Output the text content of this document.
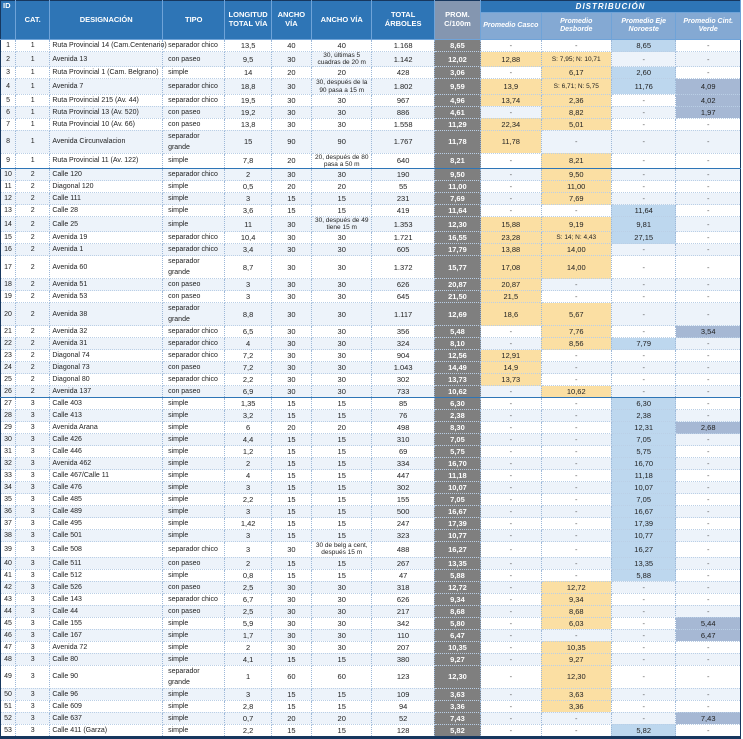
ID	CAT.	DESIGNACIÓN	TIPO	LONGITUD TOTAL VÍA	ANCHO VÍA	ANCHO VÍA	TOTAL ÁRBOLES	PROM. C/100m	DISTRIBUCIÓN			
									Promedio Casco	Promedio Desborde	Promedio Eje Noroeste	Promedio Cint. Verde
1	1	Ruta Provincial 14 (Cam.Centenario)	separador chico	13,5	40	40	1.168	8,65	-	-	8,65	-
2	1	Avenida 13	con paseo	9,5	30	30, últimas 5 cuadras de 20 m	1.142	12,02	12,88	S: 7,95; N: 10,71	-	-
3	1	Ruta Provincial 1 (Cam. Belgrano)	simple	14	20	20	428	3,06	-	6,17	2,60	-
4	1	Avenida 7	separador chico	18,8	30	30, después de la 90 pasa a 15 m	1.802	9,59	13,9	S: 6,71; N: 5,75	11,76	4,09
5	1	Ruta Provincial 215 (Av. 44)	separador chico	19,5	30	30	967	4,96	13,74	2,36	-	4,02
6	1	Ruta Provincial 13 (Av. 520)	con paseo	19,2	30	30	886	4,61	-	8,82	-	1,97
7	1	Ruta Provincial 10 (Av. 66)	con paseo	13,8	30	30	1.558	11,29	22,34	5,01	-	-
8	1	Avenida Circunvalacion	separador grande	15	90	90	1.767	11,78	11,78	-	-	-
9	1	Ruta Provincial 11 (Av. 122)	simple	7,8	20	20, después de 80 pasa a 50 m	640	8,21	-	8,21	-	-
10	2	Calle 120	separador chico	2	30	30	190	9,50	-	9,50	-	-
11	2	Diagonal 120	simple	0,5	20	20	55	11,00	-	11,00	-	-
12	2	Calle 111	simple	3	15	15	231	7,69	-	7,69	-	-
13	2	Calle 28	simple	3,6	15	15	419	11,64	-	-	11,64	-
14	2	Calle 25	simple	11	30	30, después de 49 tiene 15 m	1.353	12,30	15,88	9,19	9,81	-
15	2	Avenida 19	separador chico	10,4	30	30	1.721	16,55	23,28	S: 14; N: 4,43	27,15	-
16	2	Avenida 1	separador chico	3,4	30	30	605	17,79	13,88	14,00	-	-
17	2	Avenida 60	separador grande	8,7	30	30	1.372	15,77	17,08	14,00	-	-
18	2	Avenida 51	con paseo	3	30	30	626	20,87	20,87	-	-	-
19	2	Avenida 53	con paseo	3	30	30	645	21,50	21,5	-	-	-
20	2	Avenida 38	separador grande	8,8	30	30	1.117	12,69	18,6	5,67	-	-
21	2	Avenida 32	separador chico	6,5	30	30	356	5,48	-	7,76	-	3,54
22	2	Avenida 31	separador chico	4	30	30	324	8,10	-	8,56	7,79	-
23	2	Diagonal 74	separador chico	7,2	30	30	904	12,56	12,91	-	-	-
24	2	Diagonal 73	con paseo	7,2	30	30	1.043	14,49	14,9	-	-	-
25	2	Diagonal 80	separador chico	2,2	30	30	302	13,73	13,73	-	-	-
26	2	Avenida 137	con paseo	6,9	30	30	733	10,62	-	10,62	-	-
27	3	Calle 403	simple	1,35	15	15	85	6,30	-	-	6,30	-
28	3	Calle 413	simple	3,2	15	15	76	2,38	-	-	2,38	-
29	3	Avenida Arana	simple	6	20	20	498	8,30	-	-	12,31	2,68
30	3	Calle 426	simple	4,4	15	15	310	7,05	-	-	7,05	-
31	3	Calle 446	simple	1,2	15	15	69	5,75	-	-	5,75	-
32	3	Avenida 462	simple	2	15	15	334	16,70	-	-	16,70	-
33	3	Calle 467/Calle 11	simple	4	15	15	447	11,18	-	-	11,18	-
34	3	Calle 476	simple	3	15	15	302	10,07	-	-	10,07	-
35	3	Calle 485	simple	2,2	15	15	155	7,05	-	-	7,05	-
36	3	Calle 489	simple	3	15	15	500	16,67	-	-	16,67	-
37	3	Calle 495	simple	1,42	15	15	247	17,39	-	-	17,39	-
38	3	Calle 501	simple	3	15	15	323	10,77	-	-	10,77	-
39	3	Calle 508	separador chico	3	30	30 de belg a cent, después 15 m	488	16,27	-	-	16,27	-
40	3	Calle 511	con paseo	2	15	15	267	13,35	-	-	13,35	-
41	3	Calle 512	simple	0,8	15	15	47	5,88	-	-	5,88	-
42	3	Calle 526	con paseo	2,5	30	30	318	12,72	-	12,72	-	-
43	3	Calle 143	separador chico	6,7	30	30	626	9,34	-	9,34	-	-
44	3	Calle 44	con paseo	2,5	30	30	217	8,68	-	8,68	-	-
45	3	Calle 155	simple	5,9	30	30	342	5,80	-	6,03	-	5,44
46	3	Calle 167	simple	1,7	30	30	110	6,47	-	-	-	6,47
47	3	Avenida 72	simple	2	30	30	207	10,35	-	10,35	-	-
48	3	Calle 80	simple	4,1	15	15	380	9,27	-	9,27	-	-
49	3	Calle 90	separador grande	1	60	60	123	12,30	-	12,30	-	-
50	3	Calle 96	simple	3	15	15	109	3,63	-	3,63	-	-
51	3	Calle 609	simple	2,8	15	15	94	3,36	-	3,36	-	-
52	3	Calle 637	simple	0,7	20	20	52	7,43	-	-	-	7,43
53	3	Calle 411 (Garza)	simple	2,2	15	15	128	5,82	-	-	5,82	-
